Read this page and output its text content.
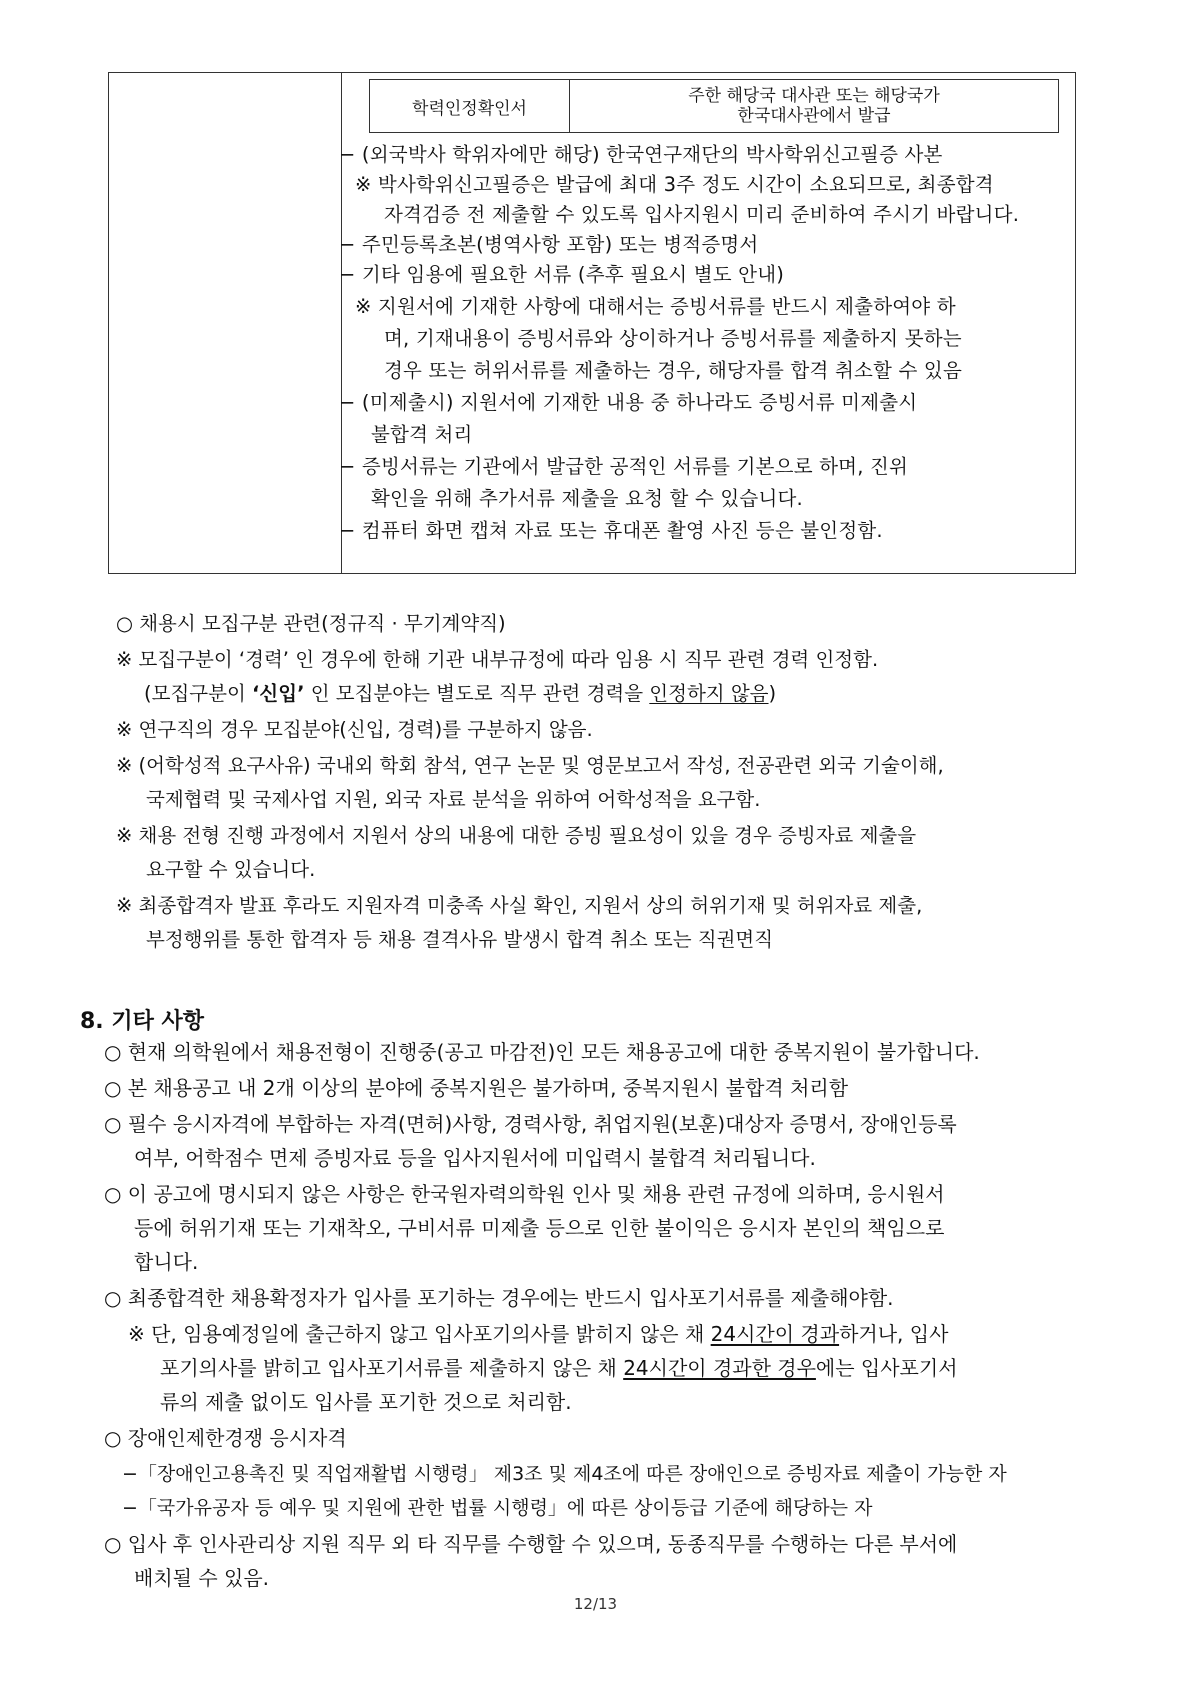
학력인정확인서
주한 해당국 대사관 또는 해당국가
한국대사관에서 발급
− (외국박사 학위자에만 해당) 한국연구재단의 박사학위신고필증 사본
※ 박사학위신고필증은 발급에 최대 3주 정도 시간이 소요되므로, 최종합격
자격검증 전 제출할 수 있도록 입사지원시 미리 준비하여 주시기 바랍니다.
− 주민등록초본(병역사항 포함) 또는 병적증명서
− 기타 임용에 필요한 서류 (추후 필요시 별도 안내)
※ 지원서에 기재한 사항에 대해서는 증빙서류를 반드시 제출하여야 하
며, 기재내용이 증빙서류와 상이하거나 증빙서류를 제출하지 못하는
경우 또는 허위서류를 제출하는 경우, 해당자를 합격 취소할 수 있음
− (미제출시) 지원서에 기재한 내용 중 하나라도 증빙서류 미제출시
불합격 처리
− 증빙서류는 기관에서 발급한 공적인 서류를 기본으로 하며, 진위
확인을 위해 추가서류 제출을 요청 할 수 있습니다.
− 컴퓨터 화면 캡쳐 자료 또는 휴대폰 촬영 사진 등은 불인정함.
○ 채용시 모집구분 관련(정규직 · 무기계약직)
※ 모집구분이 ‘경력’ 인 경우에 한해 기관 내부규정에 따라 임용 시 직무 관련 경력 인정함.
(모집구분이 ‘신입’ 인 모집분야는 별도로 직무 관련 경력을 인정하지 않음)
※ 연구직의 경우 모집분야(신입, 경력)를 구분하지 않음.
※ (어학성적 요구사유) 국내외 학회 참석, 연구 논문 및 영문보고서 작성, 전공관련 외국 기술이해,
국제협력 및 국제사업 지원, 외국 자료 분석을 위하여 어학성적을 요구함.
※ 채용 전형 진행 과정에서 지원서 상의 내용에 대한 증빙 필요성이 있을 경우 증빙자료 제출을
요구할 수 있습니다.
※ 최종합격자 발표 후라도 지원자격 미충족 사실 확인, 지원서 상의 허위기재 및 허위자료 제출,
부정행위를 통한 합격자 등 채용 결격사유 발생시 합격 취소 또는 직권면직
8. 기타 사항
○ 현재 의학원에서 채용전형이 진행중(공고 마감전)인 모든 채용공고에 대한 중복지원이 불가합니다.
○ 본 채용공고 내 2개 이상의 분야에 중복지원은 불가하며, 중복지원시 불합격 처리함
○ 필수 응시자격에 부합하는 자격(면허)사항, 경력사항, 취업지원(보훈)대상자 증명서, 장애인등록
여부, 어학점수 면제 증빙자료 등을 입사지원서에 미입력시 불합격 처리됩니다.
○ 이 공고에 명시되지 않은 사항은 한국원자력의학원 인사 및 채용 관련 규정에 의하며, 응시원서
등에 허위기재 또는 기재착오, 구비서류 미제출 등으로 인한 불이익은 응시자 본인의 책임으로
합니다.
○ 최종합격한 채용확정자가 입사를 포기하는 경우에는 반드시 입사포기서류를 제출해야함.
※ 단, 임용예정일에 출근하지 않고 입사포기의사를 밝히지 않은 채 24시간이 경과하거나, 입사
포기의사를 밝히고 입사포기서류를 제출하지 않은 채 24시간이 경과한 경우에는 입사포기서
류의 제출 없이도 입사를 포기한 것으로 처리함.
○ 장애인제한경쟁 응시자격
−「장애인고용촉진 및 직업재활법 시행령」 제3조 및 제4조에 따른 장애인으로 증빙자료 제출이 가능한 자
−「국가유공자 등 예우 및 지원에 관한 법률 시행령」에 따른 상이등급 기준에 해당하는 자
○ 입사 후 인사관리상 지원 직무 외 타 직무를 수행할 수 있으며, 동종직무를 수행하는 다른 부서에
배치될 수 있음.
12/13
